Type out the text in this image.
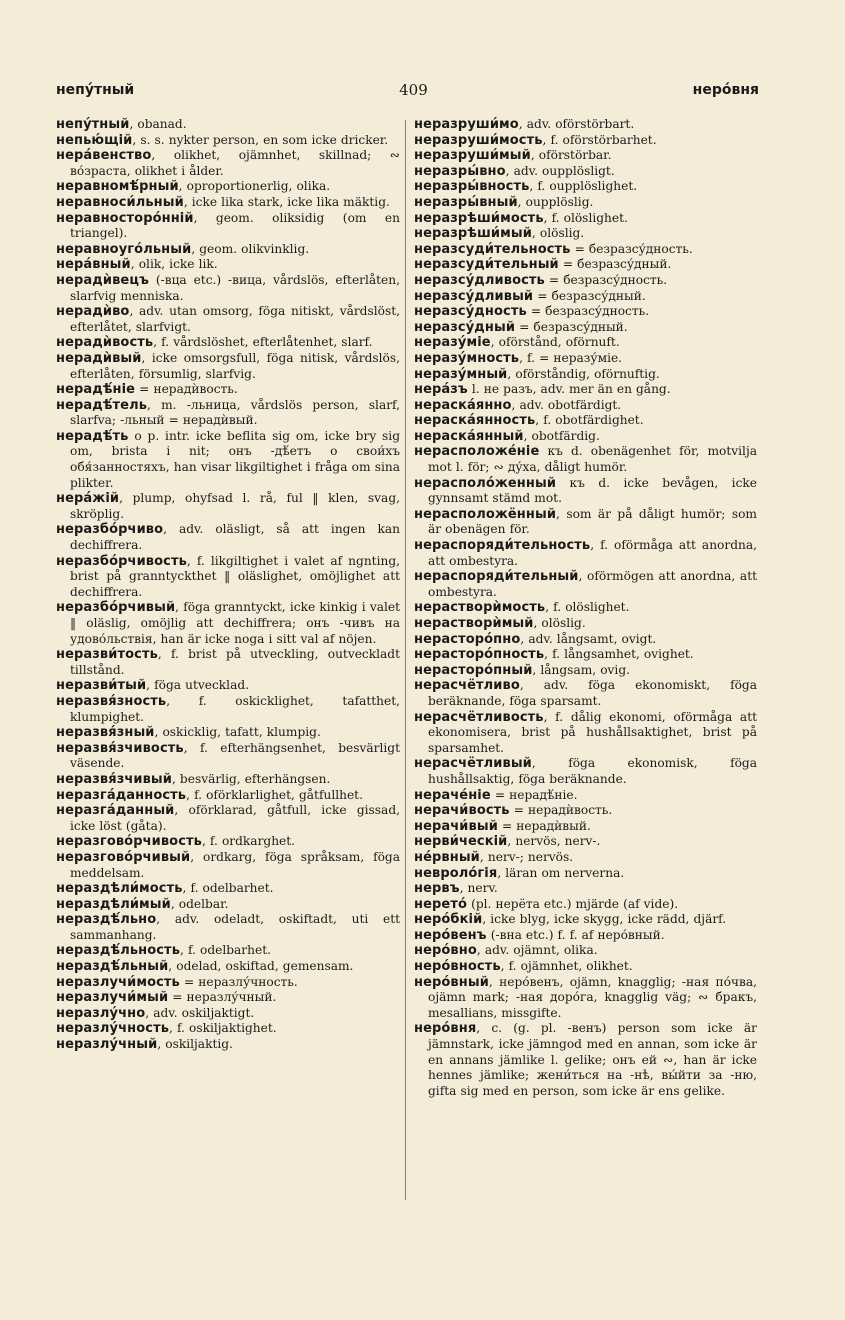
непу́тный	409	неро́вня

непу́тный, obanad.

непью́щій, s. s. nykter person, en som icke dricker.

нера́венство, olikhet, ojämnhet, skillnad; ∾ во́зраста, olikhet i ålder.

неравномѣ́рный, oproportionerlig, olika.

неравноси́льный, icke lika stark, icke lika mäktig.

неравносторо́нній, geom. oliksidig (om en triangel).

неравноуго́льный, geom. olikvinklig.

нера́вный, olik, icke lik.

нерадѝвецъ (-вца etc.) -вица, vårdslös, efterlåten, slarfvig menniska.

нерадѝво, adv. utan omsorg, föga nitiskt, vårdslöst, efterlåtet, slarfvigt.

нерадѝвость, f. vårdslöshet, efterlåtenhet, slarf.

нерадѝвый, icke omsorgsfull, föga nitisk, vårdslös, efterlåten, försumlig, slarfvig.

нерадѣ́ніе = нерадѝвость.

нерадѣ́тель, m. -льница, vårdslös person, slarf, slarfva; -льный = нерадѝвый.

нерадѣ́ть o p. intr. icke beflita sig om, icke bry sig om, brista i nit; онъ -дѣ́етъ o свои́хъ обя́занностяхъ, han visar likgiltighet i fråga om sina plikter.

нера́жій, plump, ohyfsad l. rå, ful ‖ klen, svag, skröplig.

неразбо́рчиво, adv. oläsligt, så att ingen kan dechiffrera.

неразбо́рчивость, f. likgiltighet i valet af ngnting, brist på granntyckthet ‖ oläslighet, omöjlighet att dechiffrera.

неразбо́рчивый, föga granntyckt, icke kinkig i valet ‖ oläslig, omöjlig att dechiffrera; онъ -чивъ на удово́льствія, han är icke noga i sitt val af nöjen.

неразви́тость, f. brist på utveckling, outveckladt tillstånd.

неразви́тый, föga utvecklad.

неразвя́зность, f. oskicklighet, tafatthet, klumpighet.

неразвя́зный, oskicklig, tafatt, klumpig.

неразвя́зчивость, f. efterhängsenhet, besvärligt väsende.

неразвя́зчивый, besvärlig, efterhängsen.

неразга́данность, f. oförklarlighet, gåtfullhet.

неразга́данный, oförklarad, gåtfull, icke gissad, icke löst (gåta).

неразгово́рчивость, f. ordkarghet.

неразгово́рчивый, ordkarg, föga språksam, föga meddelsam.

нераздѣли́мость, f. odelbarhet.

нераздѣли́мый, odelbar.

нераздѣ́льно, adv. odeladt, oskiftadt, uti ett sammanhang.

нераздѣ́льность, f. odelbarhet.

нераздѣ́льный, odelad, oskiftad, gemensam.

неразлучи́мость = неразлу́чность.

неразлучи́мый = неразлу́чный.

неразлу́чно, adv. oskiljaktigt.

неразлу́чность, f. oskiljaktighet.

неразлу́чный, oskiljaktig.

неразруши́мо, adv. oförstörbart.

неразруши́мость, f. oförstörbarhet.

неразруши́мый, oförstörbar.

неразры́вно, adv. oupplösligt.

неразры́вность, f. oupplöslighet.

неразры́вный, oupplöslig.

неразрѣши́мость, f. olöslighet.

неразрѣши́мый, olöslig.

неразсуди́тельность = безразсу́дность.

неразсуди́тельный = безразсу́дный.

неразсу́дливость = безразсу́дность.

неразсу́дливый = безразсу́дный.

неразсу́дность = безразсу́дность.

неразсу́дный = безразсу́дный.

неразу́міе, oförstånd, oförnuft.

неразу́мность, f. = неразу́міе.

неразу́мный, oförståndig, oförnuftig.

нера́зъ l. не разъ, adv. mer än en gång.

нераска́янно, adv. obotfärdigt.

нераска́янность, f. obotfärdighet.

нераска́янный, obotfärdig.

нерасположе́ніе къ d. obenägenhet för, motvilja mot l. för; ∾ ду́ха, dåligt humör.

нерасполо́женный къ d. icke bevågen, icke gynnsamt stämd mot.

нерасположённый, som är på dåligt humör; som är obenägen för.

нераспоряди́тельность, f. oförmåga att anordna, att ombestyra.

нераспоряди́тельный, oförmögen att anordna, att ombestyra.

нерастворѝмость, f. olöslighet.

нерастворѝмый, olöslig.

нерасторо́пно, adv. långsamt, ovigt.

нерасторо́пность, f. långsamhet, ovighet.

нерасторо́пный, långsam, ovig.

нерасчётливо, adv. föga ekonomiskt, föga beräknande, föga sparsamt.

нерасчётливость, f. dålig ekonomi, oförmåga att ekonomisera, brist på hushållsaktighet, brist på sparsamhet.

нерасчётливый, föga ekonomisk, föga hushållsaktig, föga beräknande.

нераче́ніе = нерадѣ́ніе.

нерачи́вость = нерадѝвость.

нерачи́вый = нерадѝвый.

нерви́ческій, nervös, nerv-.

не́рвный, nerv-; nervös.

невроло́гія, läran om nerverna.

нервъ, nerv.

нерето́ (pl. нерёта etc.) mjärde (af vide).

неро́бкій, icke blyg, icke skygg, icke rädd, djärf.

неро́венъ (-вна etc.) f. f. af неро́вный.

неро́вно, adv. ojämnt, olika.

неро́вность, f. ojämnhet, olikhet.

неро́вный, неро́венъ, ojämn, knagglig; -ная по́чва, ojämn mark; -ная доро́га, knagglig väg; ∾ бракъ, mesallians, missgifte.

неро́вня, c. (g. pl. -венъ) person som icke är jämnstark, icke jämngod med en annan, som icke är en annans jämlike l. gelike; онъ ей ∾, han är icke hennes jämlike; жени́ться на -нѣ, вы́йти за -ню, gifta sig med en person, som icke är ens gelike.
